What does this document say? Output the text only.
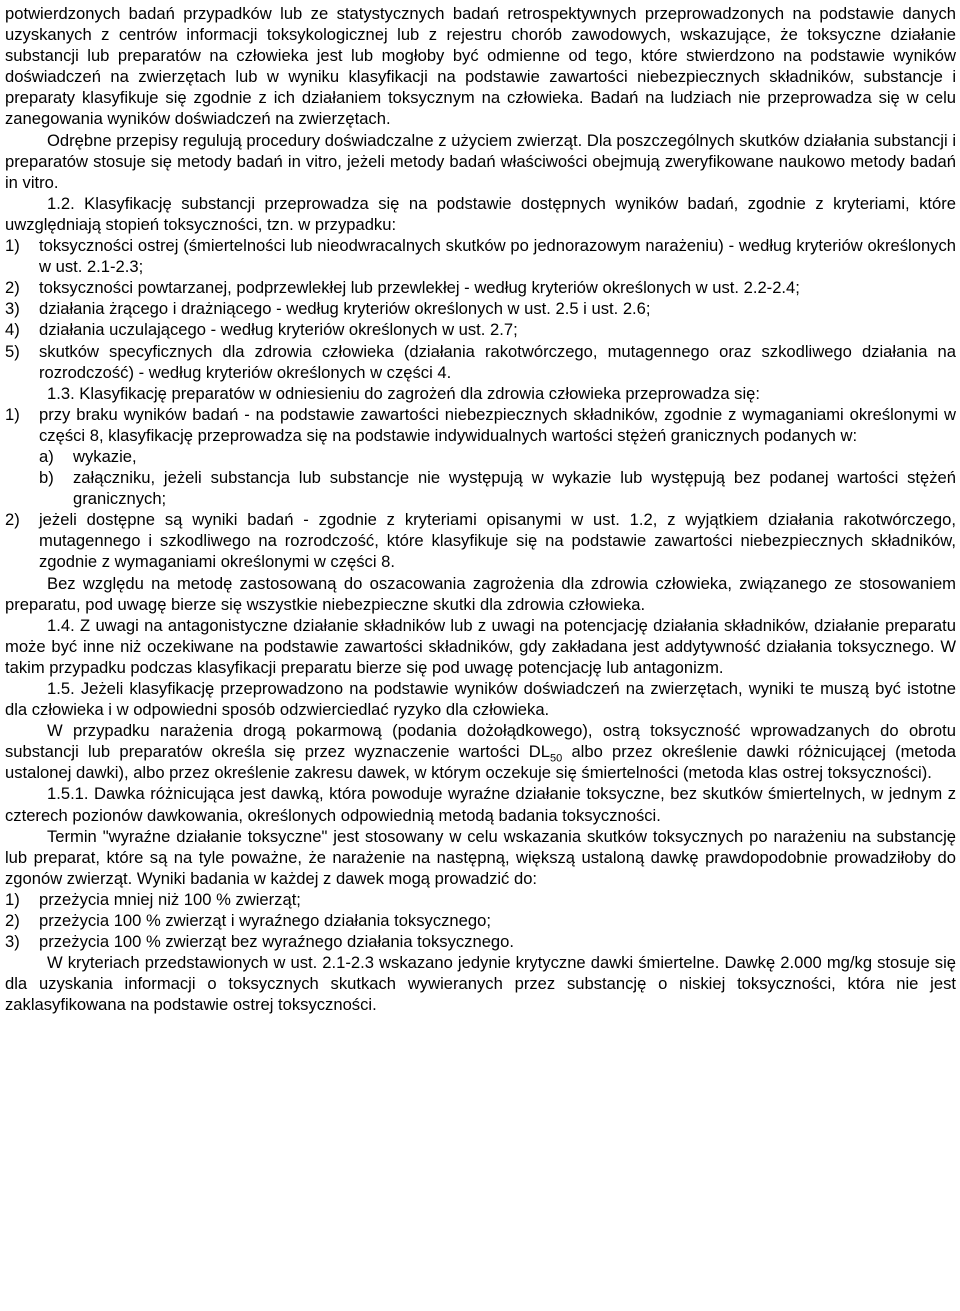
potwierdzonych badań przypadków lub ze statystycznych badań retrospektywnych przeprowadzonych na podstawie danych uzyskanych z centrów informacji toksykologicznej lub z rejestru chorób zawodowych, wskazujące, że toksyczne działanie substancji lub preparatów na człowieka jest lub mogłoby być odmienne od tego, które stwierdzono na podstawie wyników doświadczeń na zwierzętach lub w wyniku klasyfikacji na podstawie zawartości niebezpiecznych składników, substancje i preparaty klasyfikuje się zgodnie z ich działaniem toksycznym na człowieka. Badań na ludziach nie przeprowadza się w celu zanegowania wyników doświadczeń na zwierzętach.

Odrębne przepisy regulują procedury doświadczalne z użyciem zwierząt. Dla poszczególnych skutków działania substancji i preparatów stosuje się metody badań in vitro, jeżeli metody badań właściwości obejmują zweryfikowane naukowo metody badań in vitro.

1.2. Klasyfikację substancji przeprowadza się na podstawie dostępnych wyników badań, zgodnie z kryteriami, które uwzględniają stopień toksyczności, tzn. w przypadku:

1)	toksyczności ostrej (śmiertelności lub nieodwracalnych skutków po jednorazowym narażeniu) - według kryteriów określonych w ust. 2.1-2.3;
2)	toksyczności powtarzanej, podprzewlekłej lub przewlekłej - według kryteriów określonych w ust. 2.2-2.4;
3)	działania żrącego i drażniącego - według kryteriów określonych w ust. 2.5 i ust. 2.6;
4)	działania uczulającego - według kryteriów określonych w ust. 2.7;
5)	skutków specyficznych dla zdrowia człowieka (działania rakotwórczego, mutagennego oraz szkodliwego działania na rozrodczość) - według kryteriów określonych w części 4.

1.3. Klasyfikację preparatów w odniesieniu do zagrożeń dla zdrowia człowieka przeprowadza się:

1)	przy braku wyników badań - na podstawie zawartości niebezpiecznych składników, zgodnie z wymaganiami określonymi w części 8, klasyfikację przeprowadza się na podstawie indywidualnych wartości stężeń granicznych podanych w:
a)	wykazie,
b)	załączniku, jeżeli substancja lub substancje nie występują w wykazie lub występują bez podanej wartości stężeń granicznych;
2)	jeżeli dostępne są wyniki badań - zgodnie z kryteriami opisanymi w ust. 1.2, z wyjątkiem działania rakotwórczego, mutagennego i szkodliwego na rozrodczość, które klasyfikuje się na podstawie zawartości niebezpiecznych składników, zgodnie z wymaganiami określonymi w części 8.

Bez względu na metodę zastosowaną do oszacowania zagrożenia dla zdrowia człowieka, związanego ze stosowaniem preparatu, pod uwagę bierze się wszystkie niebezpieczne skutki dla zdrowia człowieka.

1.4. Z uwagi na antagonistyczne działanie składników lub z uwagi na potencjację działania składników, działanie preparatu może być inne niż oczekiwane na podstawie zawartości składników, gdy zakładana jest addytywność działania toksycznego. W takim przypadku podczas klasyfikacji preparatu bierze się pod uwagę potencjację lub antagonizm.

1.5. Jeżeli klasyfikację przeprowadzono na podstawie wyników doświadczeń na zwierzętach, wyniki te muszą być istotne dla człowieka i w odpowiedni sposób odzwierciedlać ryzyko dla człowieka.

W przypadku narażenia drogą pokarmową (podania dożołądkowego), ostrą toksyczność wprowadzanych do obrotu substancji lub preparatów określa się przez wyznaczenie wartości $DL_{50}$ albo przez określenie dawki różnicującej (metoda ustalonej dawki), albo przez określenie zakresu dawek, w którym oczekuje się śmiertelności (metoda klas ostrej toksyczności).

1.5.1. Dawka różnicująca jest dawką, która powoduje wyraźne działanie toksyczne, bez skutków śmiertelnych, w jednym z czterech pozionów dawkowania, określonych odpowiednią metodą badania toksyczności.

Termin "wyraźne działanie toksyczne" jest stosowany w celu wskazania skutków toksycznych po narażeniu na substancję lub preparat, które są na tyle poważne, że narażenie na następną, większą ustaloną dawkę prawdopodobnie prowadziłoby do zgonów zwierząt. Wyniki badania w każdej z dawek mogą prowadzić do:

1)	przeżycia mniej niż 100 % zwierząt;
2)	przeżycia 100 % zwierząt i wyraźnego działania toksycznego;
3)	przeżycia 100 % zwierząt bez wyraźnego działania toksycznego.

W kryteriach przedstawionych w ust. 2.1-2.3 wskazano jedynie krytyczne dawki śmiertelne. Dawkę 2.000 mg/kg stosuje się dla uzyskania informacji o toksycznych skutkach wywieranych przez substancję o niskiej toksyczności, która nie jest zaklasyfikowana na podstawie ostrej toksyczności.
